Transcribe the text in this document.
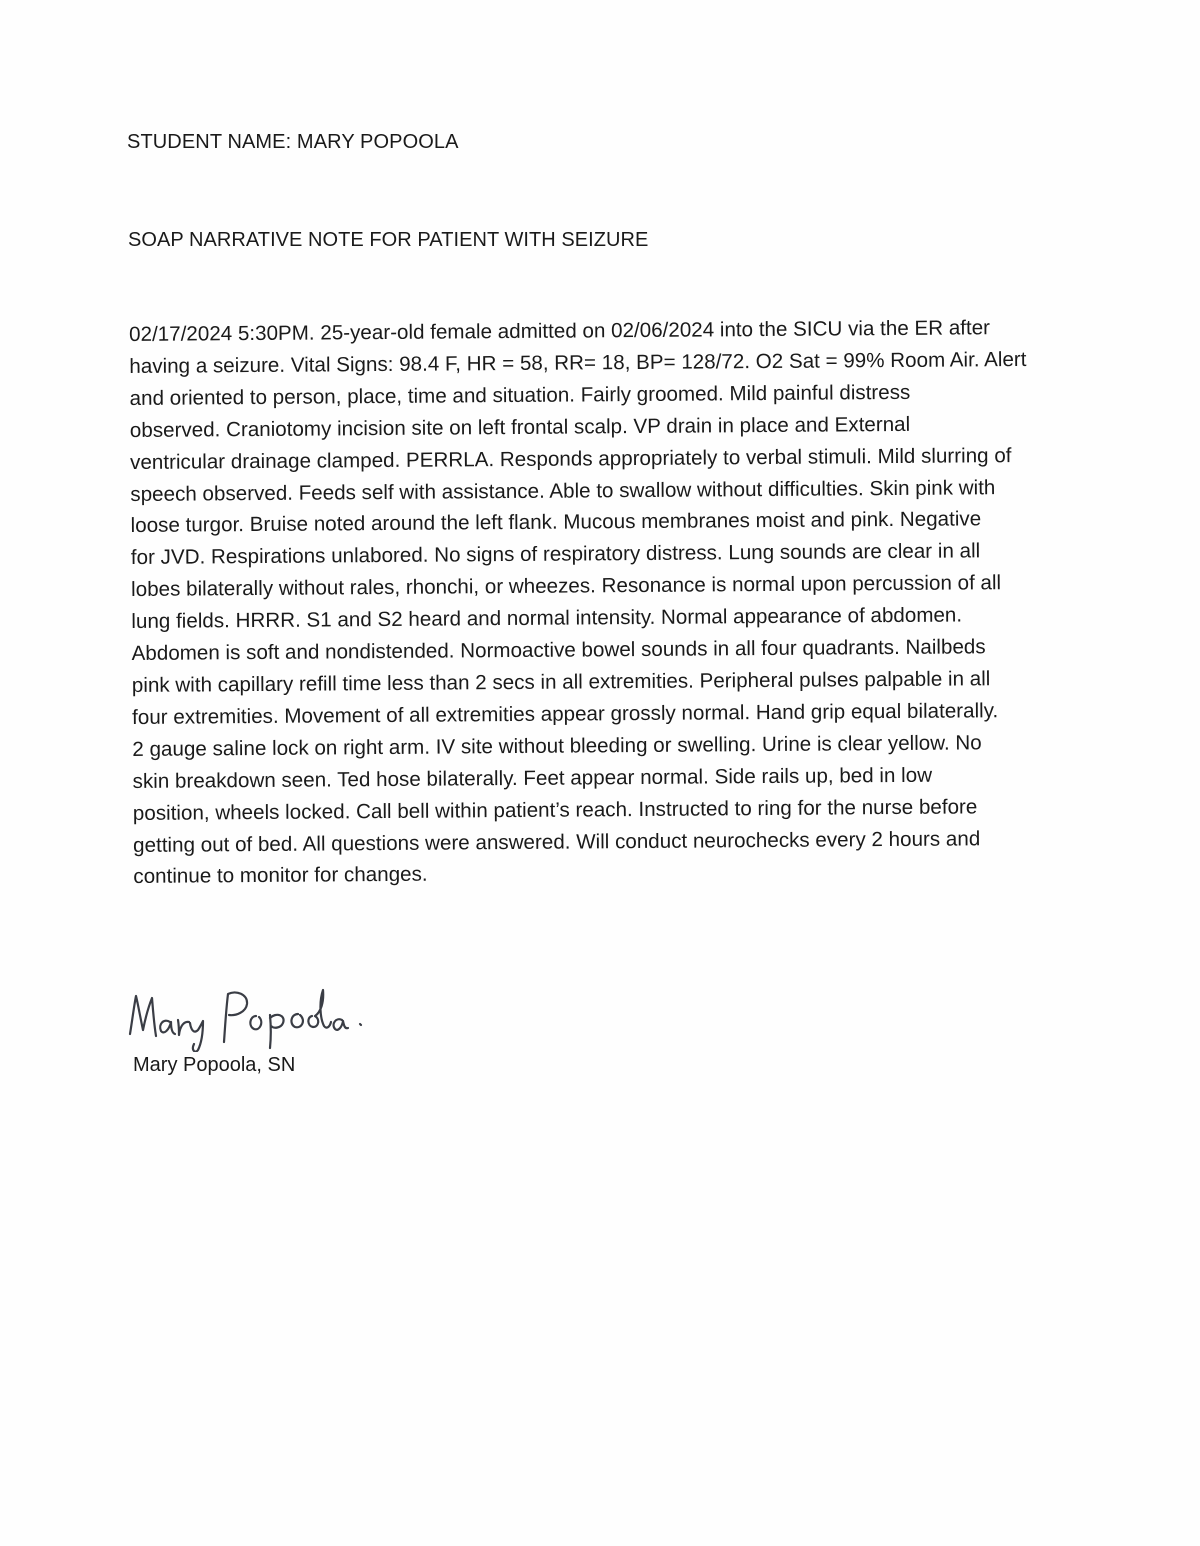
STUDENT NAME: MARY POPOOLA
SOAP NARRATIVE NOTE FOR PATIENT WITH SEIZURE
02/17/2024 5:30PM. 25-year-old female admitted on 02/06/2024 into the SICU via the ER after
having a seizure. Vital Signs: 98.4 F, HR = 58, RR= 18, BP= 128/72. O2 Sat = 99% Room Air. Alert
and oriented to person, place, time and situation. Fairly groomed. Mild painful distress
observed. Craniotomy incision site on left frontal scalp. VP drain in place and External
ventricular drainage clamped. PERRLA. Responds appropriately to verbal stimuli. Mild slurring of
speech observed. Feeds self with assistance. Able to swallow without difficulties. Skin pink with
loose turgor. Bruise noted around the left flank. Mucous membranes moist and pink. Negative
for JVD. Respirations unlabored. No signs of respiratory distress. Lung sounds are clear in all
lobes bilaterally without rales, rhonchi, or wheezes. Resonance is normal upon percussion of all
lung fields. HRRR. S1 and S2 heard and normal intensity. Normal appearance of abdomen.
Abdomen is soft and nondistended. Normoactive bowel sounds in all four quadrants. Nailbeds
pink with capillary refill time less than 2 secs in all extremities. Peripheral pulses palpable in all
four extremities. Movement of all extremities appear grossly normal. Hand grip equal bilaterally.
2 gauge saline lock on right arm. IV site without bleeding or swelling. Urine is clear yellow. No
skin breakdown seen. Ted hose bilaterally. Feet appear normal. Side rails up, bed in low
position, wheels locked. Call bell within patient’s reach. Instructed to ring for the nurse before
getting out of bed. All questions were answered. Will conduct neurochecks every 2 hours and
continue to monitor for changes.
Mary Popoola, SN
